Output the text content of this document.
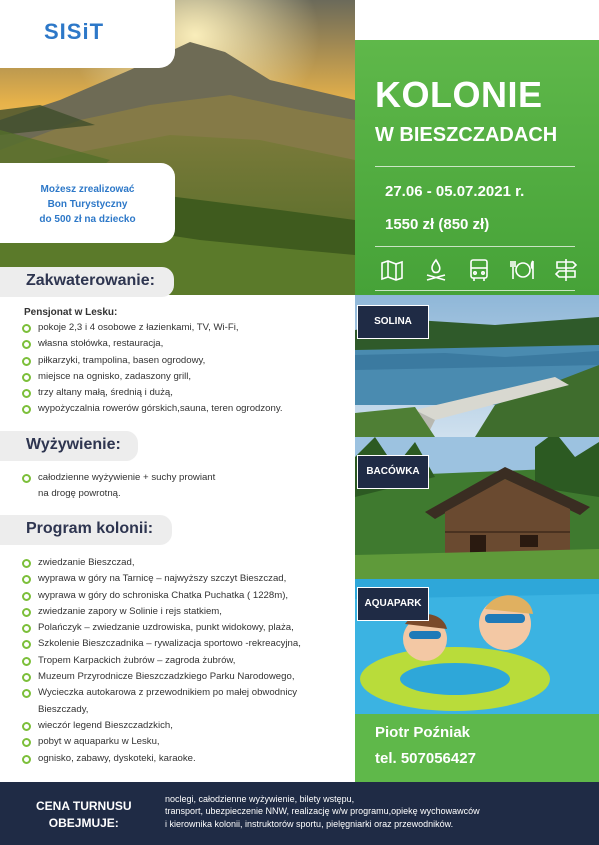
SISiT
Możesz zrealizować
Bon Turystyczny
do 500 zł na dziecko
KOLONIE
W BIESZCZADACH
27.06 - 05.07.2021 r.
1550 zł (850 zł)
Zakwaterowanie:
Pensjonat w Lesku:
pokoje 2,3 i 4 osobowe z łazienkami, TV, Wi-Fi,
własna stołówka, restauracja,
piłkarzyki, trampolina, basen ogrodowy,
miejsce na ognisko, zadaszony grill,
trzy altany małą, średnią i dużą,
wypożyczalnia rowerów górskich,sauna, teren ogrodzony.
Wyżywienie:
całodzienne wyżywienie + suchy prowiant
na drogę powrotną.
Program kolonii:
zwiedzanie Bieszczad,
wyprawa w góry na Tarnicę – najwyższy szczyt Bieszczad,
wyprawa w góry do schroniska Chatka Puchatka ( 1228m),
zwiedzanie zapory w Solinie i rejs statkiem,
Polańczyk – zwiedzanie uzdrowiska, punkt widokowy, plaża,
Szkolenie Bieszczadnika – rywalizacja sportowo -rekreacyjna,
Tropem Karpackich żubrów – zagroda żubrów,
Muzeum Przyrodnicze Bieszczadzkiego Parku Narodowego,
Wycieczka autokarowa z przewodnikiem po małej obwodnicy
Bieszczady,
wieczór legend Bieszczadzkich,
pobyt w aquaparku w Lesku,
ognisko, zabawy, dyskoteki, karaoke.
SOLINA
BACÓWKA
AQUAPARK
Piotr Poźniak
tel. 507056427
CENA TURNUSU
OBEJMUJE:
noclegi, całodzienne wyżywienie, bilety wstępu,
transport, ubezpieczenie NNW, realizację w/w programu,opiekę wychowawców
i kierownika kolonii, instruktorów sportu, pielęgniarki oraz przewodników.
